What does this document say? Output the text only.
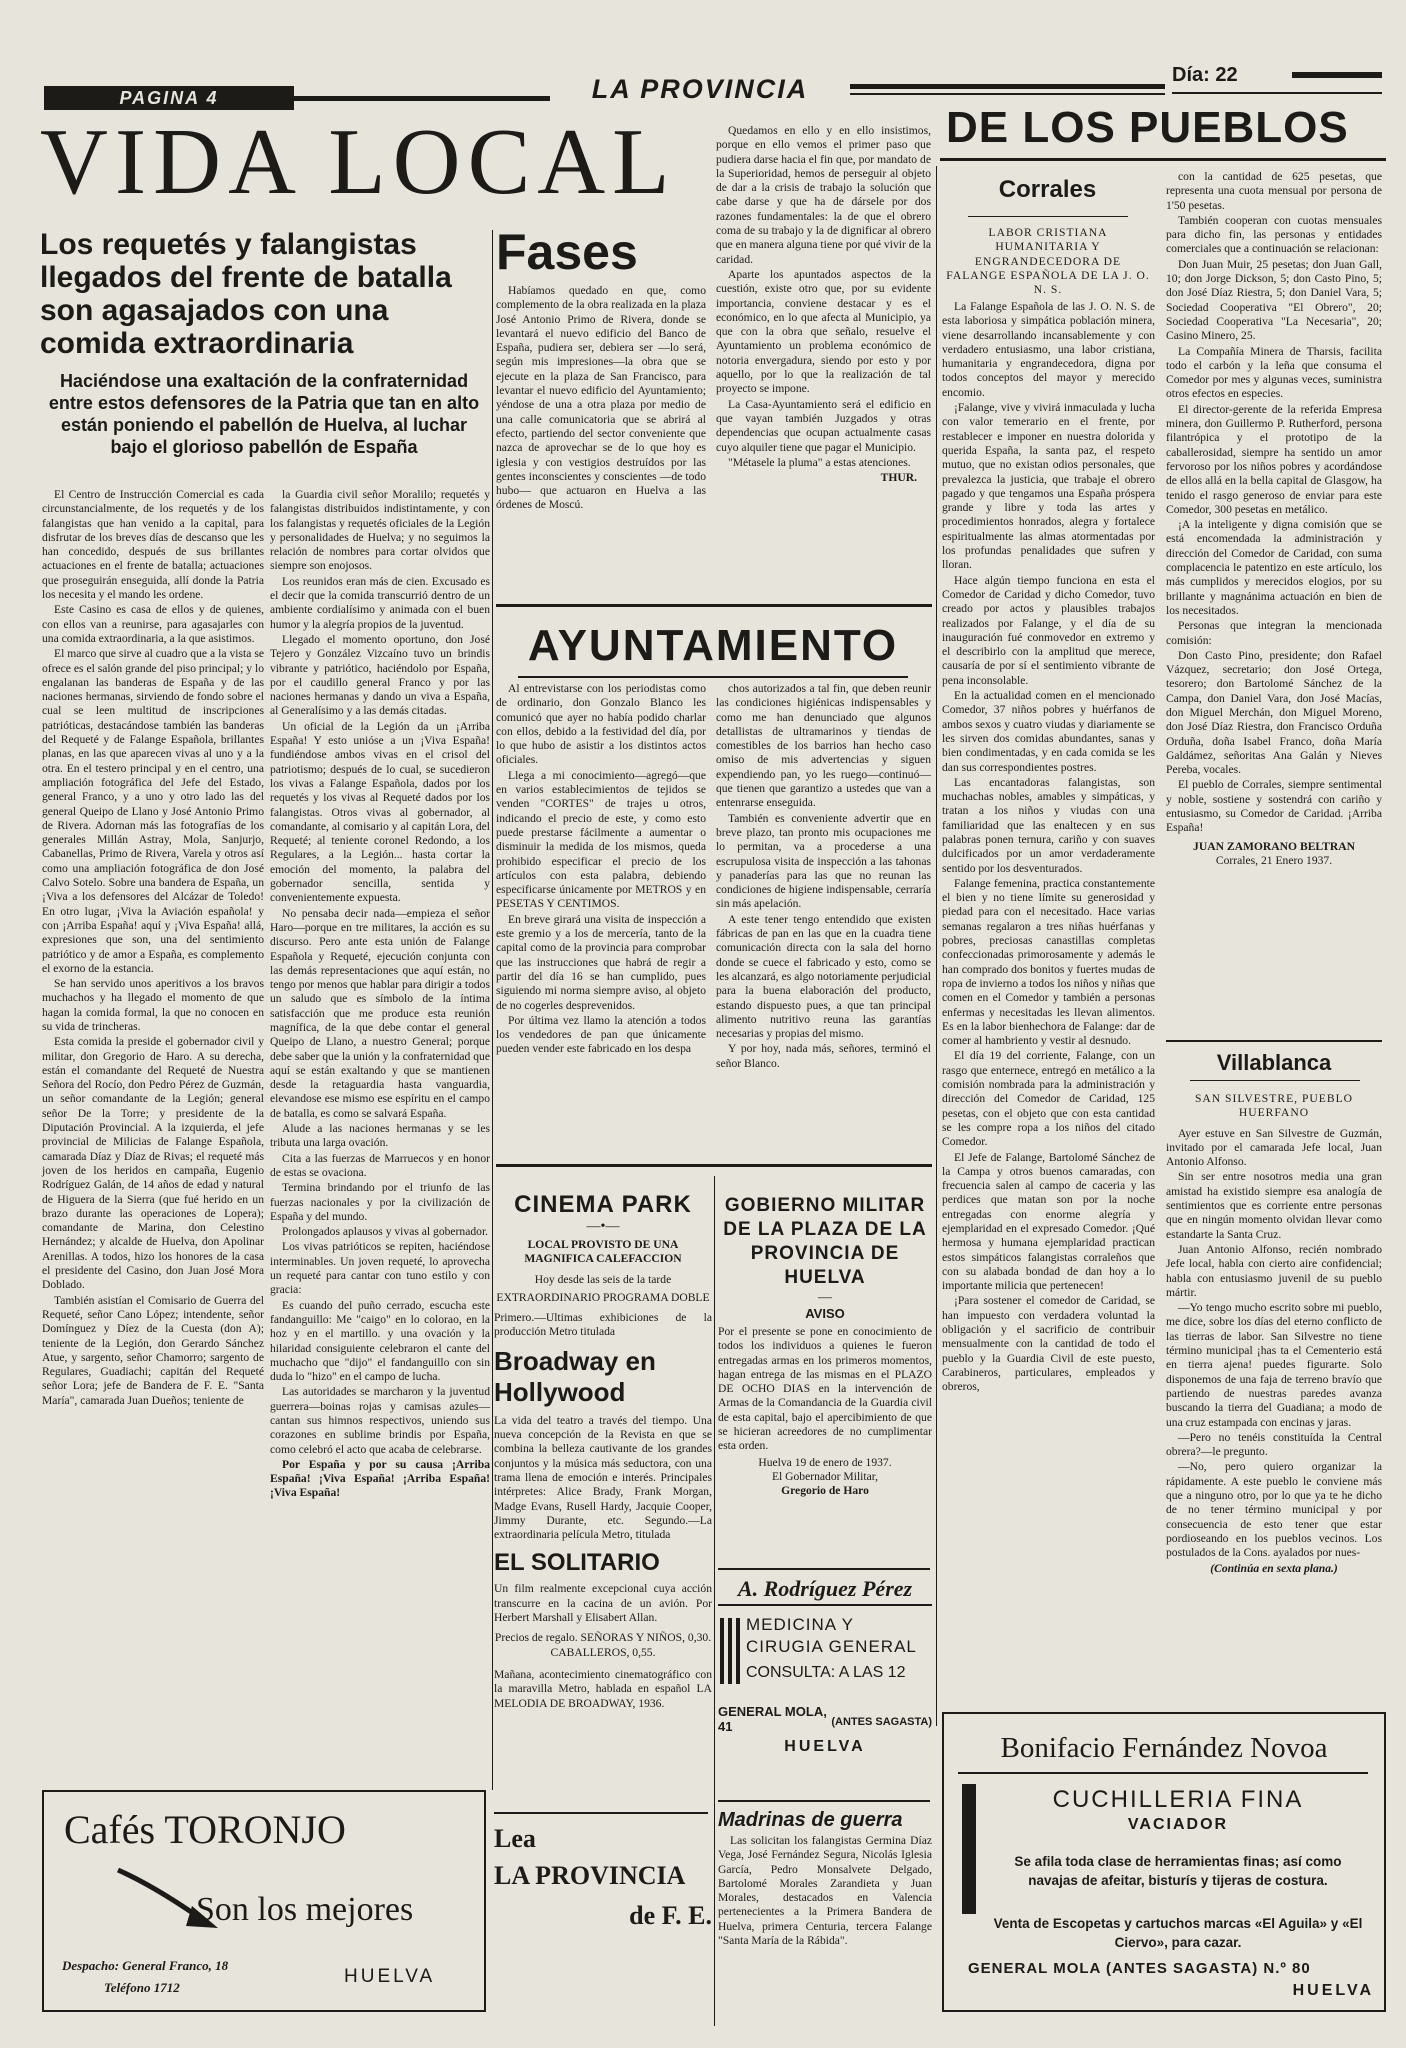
PAGINA 4	LA PROVINCIA	Día: 22
VIDA LOCAL	DE LOS PUEBLOS
Los requetés y falangistas llegados del frente de batalla son agasajados con una comida extraordinaria
Haciéndose una exaltación de la confraternidad entre estos defensores de la Patria que tan en alto están poniendo el pabellón de Huelva, al luchar bajo el glorioso pabellón de España

El Centro de Instrucción Comercial es cada circunstancialmente, de los requetés y de los falangistas que han venido a la capital, para disfrutar de los breves días de descanso que les han concedido, después de sus brillantes actuaciones en el frente de batalla; actuaciones que proseguirán enseguida, allí donde la Patria los necesita y el mando les ordene.

Este Casino es casa de ellos y de quienes, con ellos van a reunirse, para agasajarles con una comida extraordinaria, a la que asistimos.

El marco que sirve al cuadro que a la vista se ofrece es el salón grande del piso principal; y lo engalanan las banderas de España y de las naciones hermanas, sirviendo de fondo sobre el cual se leen multitud de inscripciones patrióticas, destacándose también las banderas del Requeté y de Falange Española, brillantes planas, en las que aparecen vivas al uno y a la otra. En el testero principal y en el centro, una ampliación fotográfica del Jefe del Estado, general Franco, y a uno y otro lado las del general Queipo de Llano y José Antonio Primo de Rivera. Adornan más las fotografías de los generales Millán Astray, Mola, Sanjurjo, Cabanellas, Primo de Rivera, Varela y otros así como una ampliación fotográfica de don José Calvo Sotelo. Sobre una bandera de España, un ¡Viva a los defensores del Alcázar de Toledo! En otro lugar, ¡Viva la Aviación española! y con ¡Arriba España! aquí y ¡Viva España! allá, expresiones que son, una del sentimiento patriótico y de amor a España, es complemento el exorno de la estancia.

Se han servido unos aperitivos a los bravos muchachos y ha llegado el momento de que hagan la comida formal, la que no conocen en su vida de trincheras.

Esta comida la preside el gobernador civil y militar, don Gregorio de Haro. A su derecha, están el comandante del Requeté de Nuestra Señora del Rocío, don Pedro Pérez de Guzmán, un señor comandante de la Legión; general señor De la Torre; y presidente de la Diputación Provincial. A la izquierda, el jefe provincial de Milicias de Falange Española, camarada Díaz y Díaz de Rivas; el requeté más joven de los heridos en campaña, Eugenio Rodríguez Galán, de 14 años de edad y natural de Higuera de la Sierra (que fué herido en un brazo durante las operaciones de Lopera); comandante de Marina, don Celestino Hernández; y alcalde de Huelva, don Apolinar Arenillas. A todos, hizo los honores de la casa el presidente del Casino, don Juan José Mora Doblado.

También asistían el Comisario de Guerra del Requeté, señor Cano López; intendente, señor Domínguez y Díez de la Cuesta (don A); teniente de la Legión, don Gerardo Sánchez Atue, y sargento, señor Chamorro; sargento de Regulares, Guadiachi; capitán del Requeté señor Lora; jefe de Bandera de F. E. "Santa María", camarada Juan Dueños; teniente de

la Guardia civil señor Moralilo; requetés y falangistas distribuidos indistintamente, y con los falangistas y requetés oficiales de la Legión y personalidades de Huelva; y no seguimos la relación de nombres para cortar olvidos que siempre son enojosos.

Los reunidos eran más de cien. Excusado es el decir que la comida transcurrió dentro de un ambiente cordialísimo y animada con el buen humor y la alegría propios de la juventud.

Llegado el momento oportuno, don José Tejero y González Vizcaíno tuvo un brindis vibrante y patriótico, haciéndolo por España, por el caudillo general Franco y por las naciones hermanas y dando un viva a España, al Generalísimo y a las demás citadas.

Un oficial de la Legión da un ¡Arriba España! Y esto unióse a un ¡Viva España! fundiéndose ambos vivas en el crisol del patriotismo; después de lo cual, se sucedieron los vivas a Falange Española, dados por los requetés y los vivas al Requeté dados por los falangistas. Otros vivas al gobernador, al comandante, al comisario y al capitán Lora, del Requeté; al teniente coronel Redondo, a los Regulares, a la Legión... hasta cortar la emoción del momento, la palabra del gobernador sencilla, sentida y convenientemente expuesta.

No pensaba decir nada—empieza el señor Haro—porque en tre militares, la acción es su discurso. Pero ante esta unión de Falange Española y Requeté, ejecución conjunta con las demás representaciones que aquí están, no tengo por menos que hablar para dirigir a todos un saludo que es símbolo de la íntima satisfacción que me produce esta reunión magnífica, de la que debe contar el general Queipo de Llano, a nuestro General; porque debe saber que la unión y la confraternidad que aquí se están exaltando y que se mantienen desde la retaguardia hasta vanguardia, elevandose ese mismo ese espíritu en el campo de batalla, es como se salvará España.

Alude a las naciones hermanas y se les tributa una larga ovación.

Cita a las fuerzas de Marruecos y en honor de estas se ovaciona.

Termina brindando por el triunfo de las fuerzas nacionales y por la civilización de España y del mundo.

Prolongados aplausos y vivas al gobernador.

Los vivas patrióticos se repiten, haciéndose interminables. Un joven requeté, lo aprovecha un requeté para cantar con tuno estilo y con gracia:

Es cuando del puño cerrado, escucha este fandanguillo: Me "caigo" en lo colorao, en la hoz y en el martillo. y una ovación y la hilaridad consiguiente celebraron el cante del muchacho que "dijo" el fandanguillo con sin duda lo "hizo" en el campo de lucha.

Las autoridades se marcharon y la juventud guerrera—boinas rojas y camisas azules—cantan sus himnos respectivos, uniendo sus corazones en sublime brindis por España, como celebró el acto que acaba de celebrarse.

Por España y por su causa ¡Arriba España! ¡Viva España! ¡Arriba España! ¡Viva España!

Cafés TORONJO
Son los mejores
Despacho: General Franco, 18
Teléfono 1712
HUELVA
Fases

Habíamos quedado en que, como complemento de la obra realizada en la plaza José Antonio Primo de Rivera, donde se levantará el nuevo edificio del Banco de España, pudiera ser, debiera ser —lo será, según mis impresiones—la obra que se ejecute en la plaza de San Francisco, para levantar el nuevo edificio del Ayuntamiento; yéndose de una a otra plaza por medio de una calle comunicatoria que se abrirá al efecto, partiendo del sector conveniente que nazca de aprovechar se de lo que hoy es iglesia y con vestigios destruídos por las gentes inconscientes y conscientes —de todo hubo— que actuaron en Huelva a las órdenes de Moscú.

Quedamos en ello y en ello insistimos, porque en ello vemos el primer paso que pudiera darse hacia el fin que, por mandato de la Superioridad, hemos de perseguir al objeto de dar a la crisis de trabajo la solución que cabe darse y que ha de dársele por dos razones fundamentales: la de que el obrero coma de su trabajo y la de dignificar al obrero que en manera alguna tiene por qué vivir de la caridad.

Aparte los apuntados aspectos de la cuestión, existe otro que, por su evidente importancia, conviene destacar y es el económico, en lo que afecta al Municipio, ya que con la obra que señalo, resuelve el Ayuntamiento un problema económico de notoria envergadura, siendo por esto y por aquello, por lo que la realización de tal proyecto se impone.

La Casa-Ayuntamiento será el edificio en que vayan también Juzgados y otras dependencias que ocupan actualmente casas cuyo alquiler tiene que pagar el Municipio.

"Métasele la pluma" a estas atenciones.

THUR.
AYUNTAMIENTO

Al entrevistarse con los periodistas como de ordinario, don Gonzalo Blanco les comunicó que ayer no había podido charlar con ellos, debido a la festividad del día, por lo que hubo de asistir a los distintos actos oficiales.

Llega a mi conocimiento—agregó—que en varios establecimientos de tejidos se venden "CORTES" de trajes u otros, indicando el precio de este, y como esto puede prestarse fácilmente a aumentar o disminuir la medida de los mismos, queda prohibido especificar el precio de los artículos con esta palabra, debiendo especificarse únicamente por METROS y en PESETAS Y CENTIMOS.

En breve girará una visita de inspección a este gremio y a los de mercería, tanto de la capital como de la provincia para comprobar que las instrucciones que habrá de regir a partir del día 16 se han cumplido, pues siguiendo mi norma siempre aviso, al objeto de no cogerles desprevenidos.

Por última vez llamo la atención a todos los vendedores de pan que únicamente pueden vender este fabricado en los despa

chos autorizados a tal fin, que deben reunir las condiciones higiénicas indispensables y como me han denunciado que algunos detallistas de ultramarinos y tiendas de comestibles de los barrios han hecho caso omiso de mis advertencias y siguen expendiendo pan, yo les ruego—continuó—que tienen que garantizo a ustedes que van a entenrarse enseguida.

También es conveniente advertir que en breve plazo, tan pronto mis ocupaciones me lo permitan, va a procederse a una escrupulosa visita de inspección a las tahonas y panaderías para las que no reunan las condiciones de higiene indispensable, cerraría sin más apelación.

A este tener tengo entendido que existen fábricas de pan en las que en la cuadra tiene comunicación directa con la sala del horno donde se cuece el fabricado y esto, como se les alcanzará, es algo notoriamente perjudicial para la buena elaboración del producto, estando dispuesto pues, a que tan principal alimento nutritivo reuna las garantías necesarias y propias del mismo.

Y por hoy, nada más, señores, terminó el señor Blanco.

CINEMA PARK
—•—
LOCAL PROVISTO DE UNA MAGNIFICA CALEFACCION
Hoy desde las seis de la tarde
EXTRAORDINARIO PROGRAMA DOBLE
Primero.—Ultimas exhibiciones de la producción Metro titulada
Broadway en Hollywood
La vida del teatro a través del tiempo. Una nueva concepción de la Revista en que se combina la belleza cautivante de los grandes conjuntos y la música más seductora, con una trama llena de emoción e interés. Principales intérpretes: Alice Brady, Frank Morgan, Madge Evans, Rusell Hardy, Jacquie Cooper, Jimmy Durante, etc. Segundo.—La extraordinaria película Metro, titulada
EL SOLITARIO
Un film realmente excepcional cuya acción transcurre en la cacina de un avión. Por Herbert Marshall y Elisabert Allan.
Precios de regalo. SEÑORAS Y NIÑOS, 0,30. CABALLEROS, 0,55.
Mañana, acontecimiento cinematográfico con la maravilla Metro, hablada en español LA MELODIA DE BROADWAY, 1936.
Lea
LA PROVINCIA
de F. E.
GOBIERNO MILITAR DE LA PLAZA DE LA PROVINCIA DE HUELVA
—
AVISO
Por el presente se pone en conocimiento de todos los individuos a quienes le fueron entregadas armas en los primeros momentos, hagan entrega de las mismas en el PLAZO DE OCHO DIAS en la intervención de Armas de la Comandancia de la Guardia civil de esta capital, bajo el apercibimiento de que se hicieran acreedores de no cumplimentar esta orden.
Huelva 19 de enero de 1937.
El Gobernador Militar,
Gregorio de Haro
A. Rodríguez Pérez
MEDICINA Y CIRUGIA GENERAL
CONSULTA: A LAS 12
GENERAL MOLA, 41	(ANTES SAGASTA)
HUELVA
Madrinas de guerra
Las solicitan los falangistas Germina Díaz Vega, José Fernández Segura, Nicolás Iglesia García, Pedro Monsalvete Delgado, Bartolomé Morales Zarandieta y Juan Morales, destacados en Valencia pertenecientes a la Primera Bandera de Huelva, primera Centuria, tercera Falange "Santa María de la Rábida".
Corrales
LABOR CRISTIANA HUMANITARIA Y ENGRANDECEDORA DE FALANGE ESPAÑOLA DE LA J. O. N. S.

La Falange Española de las J. O. N. S. de esta laboriosa y simpática población minera, viene desarrollando incansablemente y con verdadero entusiasmo, una labor cristiana, humanitaria y engrandecedora, digna por todos conceptos del mayor y merecido encomio.

¡Falange, vive y vivirá inmaculada y lucha con valor temerario en el frente, por restablecer e imponer en nuestra dolorida y querida España, la santa paz, el respeto mutuo, que no existan odios personales, que prevalezca la justicia, que trabaje el obrero pagado y que tengamos una España próspera grande y libre y toda las artes y procedimientos honrados, alegra y fortalece espiritualmente las almas atormentadas por los profundas penalidades que sufren y lloran.

Hace algún tiempo funciona en esta el Comedor de Caridad y dicho Comedor, tuvo creado por actos y plausibles trabajos realizados por Falange, y el día de su inauguración fué conmovedor en extremo y el describirlo con la amplitud que merece, causaría de por sí el sentimiento vibrante de pena inconsolable.

En la actualidad comen en el mencionado Comedor, 37 niños pobres y huérfanos de ambos sexos y cuatro viudas y diariamente se les sirven dos comidas abundantes, sanas y bien condimentadas, y en cada comida se les dan sus correspondientes postres.

Las encantadoras falangistas, son muchachas nobles, amables y simpáticas, y tratan a los niños y viudas con una familiaridad que las enaltecen y en sus palabras ponen ternura, cariño y con suaves dulcificados por un amor verdaderamente sentido por los desventurados.

Falange femenina, practica constantemente el bien y no tiene límite su generosidad y piedad para con el necesitado. Hace varias semanas regalaron a tres niñas huérfanas y pobres, preciosas canastillas completas confeccionadas primorosamente y además le han comprado dos bonitos y fuertes mudas de ropa de invierno a todos los niños y niñas que comen en el Comedor y también a personas enfermas y necesitadas les llevan alimentos. Es en la labor bienhechora de Falange: dar de comer al hambriento y vestir al desnudo.

El día 19 del corriente, Falange, con un rasgo que enternece, entregó en metálico a la comisión nombrada para la administración y dirección del Comedor de Caridad, 125 pesetas, con el objeto que con esta cantidad se les compre ropa a los niños del citado Comedor.

El Jefe de Falange, Bartolomé Sánchez de la Campa y otros buenos camaradas, con frecuencia salen al campo de caceria y las perdices que matan son por la noche entregadas con enorme alegría y ejemplaridad en el expresado Comedor. ¡Qué hermosa y humana ejemplaridad practican estos simpáticos falangistas corraleños que con su alabada bondad de dan hoy a lo importante milicia que pertenecen!

¡Para sostener el comedor de Caridad, se han impuesto con verdadera voluntad la obligación y el sacrificio de contribuir mensualmente con la cantidad de todo el pueblo y la Guardia Civil de este puesto, Carabineros, particulares, empleados y obreros,

con la cantidad de 625 pesetas, que representa una cuota mensual por persona de 1'50 pesetas.

También cooperan con cuotas mensuales para dicho fin, las personas y entidades comerciales que a continuación se relacionan:

Don Juan Muir, 25 pesetas; don Juan Gall, 10; don Jorge Dickson, 5; don Casto Pino, 5; don José Díaz Riestra, 5; don Daniel Vara, 5; Sociedad Cooperativa "El Obrero", 20; Sociedad Cooperativa "La Necesaria", 20; Casino Minero, 25.

La Compañía Minera de Tharsis, facilita todo el carbón y la leña que consuma el Comedor por mes y algunas veces, suministra otros efectos en especies.

El director-gerente de la referida Empresa minera, don Guillermo P. Rutherford, persona filantrópica y el prototipo de la caballerosidad, siempre ha sentido un amor fervoroso por los niños pobres y acordándose de ellos allá en la bella capital de Glasgow, ha tenido el rasgo generoso de enviar para este Comedor, 300 pesetas en metálico.

¡A la inteligente y digna comisión que se está encomendada la administración y dirección del Comedor de Caridad, con suma complacencia le patentizo en este artículo, los más cumplidos y merecidos elogios, por su brillante y magnánima actuación en bien de los necesitados.

Personas que integran la mencionada comisión:

Don Casto Pino, presidente; don Rafael Vázquez, secretario; don José Ortega, tesorero; don Bartolomé Sánchez de la Campa, don Daniel Vara, don José Macías, don Miguel Merchán, don Miguel Moreno, don José Díaz Riestra, don Francisco Orduña Orduña, doña Isabel Franco, doña María Galdámez, señoritas Ana Galán y Nieves Pereba, vocales.

El pueblo de Corrales, siempre sentimental y noble, sostiene y sostendrá con cariño y entusiasmo, su Comedor de Caridad. ¡Arriba España!

JUAN ZAMORANO BELTRAN
Corrales, 21 Enero 1937.
Villablanca
SAN SILVESTRE, PUEBLO HUERFANO

Ayer estuve en San Silvestre de Guzmán, invitado por el camarada Jefe local, Juan Antonio Alfonso.

Sin ser entre nosotros media una gran amistad ha existido siempre esa analogía de sentimientos que es corriente entre personas que en ningún momento olvidan llevar como estandarte la Santa Cruz.

Juan Antonio Alfonso, recién nombrado Jefe local, habla con cierto aire confidencial; habla con entusiasmo juvenil de su pueblo mártir.

—Yo tengo mucho escrito sobre mi pueblo, me dice, sobre los días del eterno conflicto de las tierras de labor. San Silvestre no tiene término municipal ¡has ta el Cementerio está en tierra ajena! puedes figurarte. Solo disponemos de una faja de terreno bravío que partiendo de nuestras paredes avanza buscando la tierra del Guadiana; a modo de una cruz estampada con encinas y jaras.

—Pero no tenéis constituída la Central obrera?—le pregunto.

—No, pero quiero organizar la rápidamente. A este pueblo le conviene más que a ninguno otro, por lo que ya te he dicho de no tener término municipal y por consecuencia de esto tener que estar pordioseando en los pueblos vecinos. Los postulados de la Cons. ayalados por nues-

(Continúa en sexta plana.)
Bonifacio Fernández Novoa
CUCHILLERIA FINA
VACIADOR
Se afila toda clase de herramientas finas; así como navajas de afeitar, bisturís y tijeras de costura.
Venta de Escopetas y cartuchos marcas «El Aguila» y «El Ciervo», para cazar.
GENERAL MOLA (ANTES SAGASTA) N.º 80
HUELVA
